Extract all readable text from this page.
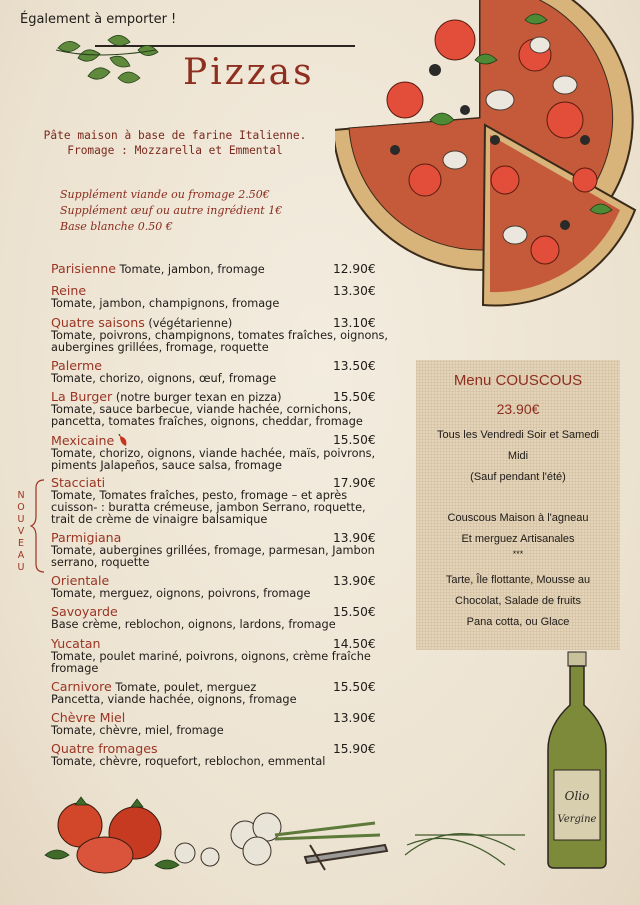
Également à emporter !
Pizzas
Pâte maison à base de farine Italienne.
Fromage : Mozzarella et Emmental
Supplément viande ou fromage 2.50€
Supplément œuf ou autre ingrédient 1€
Base blanche 0.50 €
Parisienne Tomate, jambon, fromage	12.90€
Reine	13.30€
Tomate, jambon, champignons, fromage
Quatre saisons (végétarienne)	13.10€
Tomate, poivrons, champignons, tomates fraîches, oignons, aubergines grillées, fromage, roquette
Palerme	13.50€
Tomate, chorizo, oignons, œuf, fromage
La Burger (notre burger texan en pizza)	15.50€
Tomate, sauce barbecue, viande hachée, cornichons, pancetta, tomates fraîches, oignons, cheddar, fromage
Mexicaine	15.50€
Tomate, chorizo, oignons, viande hachée, maïs, poivrons, piments Jalapeños, sauce salsa, fromage
Stacciati	17.90€
Tomate, Tomates fraîches, pesto, fromage – et après cuisson- : buratta crémeuse, jambon Serrano, roquette, trait de crème de vinaigre balsamique
Parmigiana	13.90€
Tomate, aubergines grillées, fromage, parmesan, Jambon serrano, roquette
Orientale	13.90€
Tomate, merguez, oignons, poivrons, fromage
Savoyarde	15.50€
Base crème, reblochon, oignons, lardons, fromage
Yucatan	14.50€
Tomate, poulet mariné, poivrons, oignons, crème fraîche fromage
Carnivore Tomate, poulet, merguez	15.50€
Pancetta, viande hachée, oignons, fromage
Chèvre Miel	13.90€
Tomate, chèvre, miel, fromage
Quatre fromages	15.90€
Tomate, chèvre, roquefort, reblochon, emmental
NOUVEAU
Menu COUSCOUS
23.90€
Tous les Vendredi Soir et Samedi
Midi
(Sauf pendant l'été)
Couscous Maison à l'agneau
Et merguez Artisanales
***
Tarte, Île flottante, Mousse au
Chocolat, Salade de fruits
Pana cotta, ou Glace
Olio
Vergine
